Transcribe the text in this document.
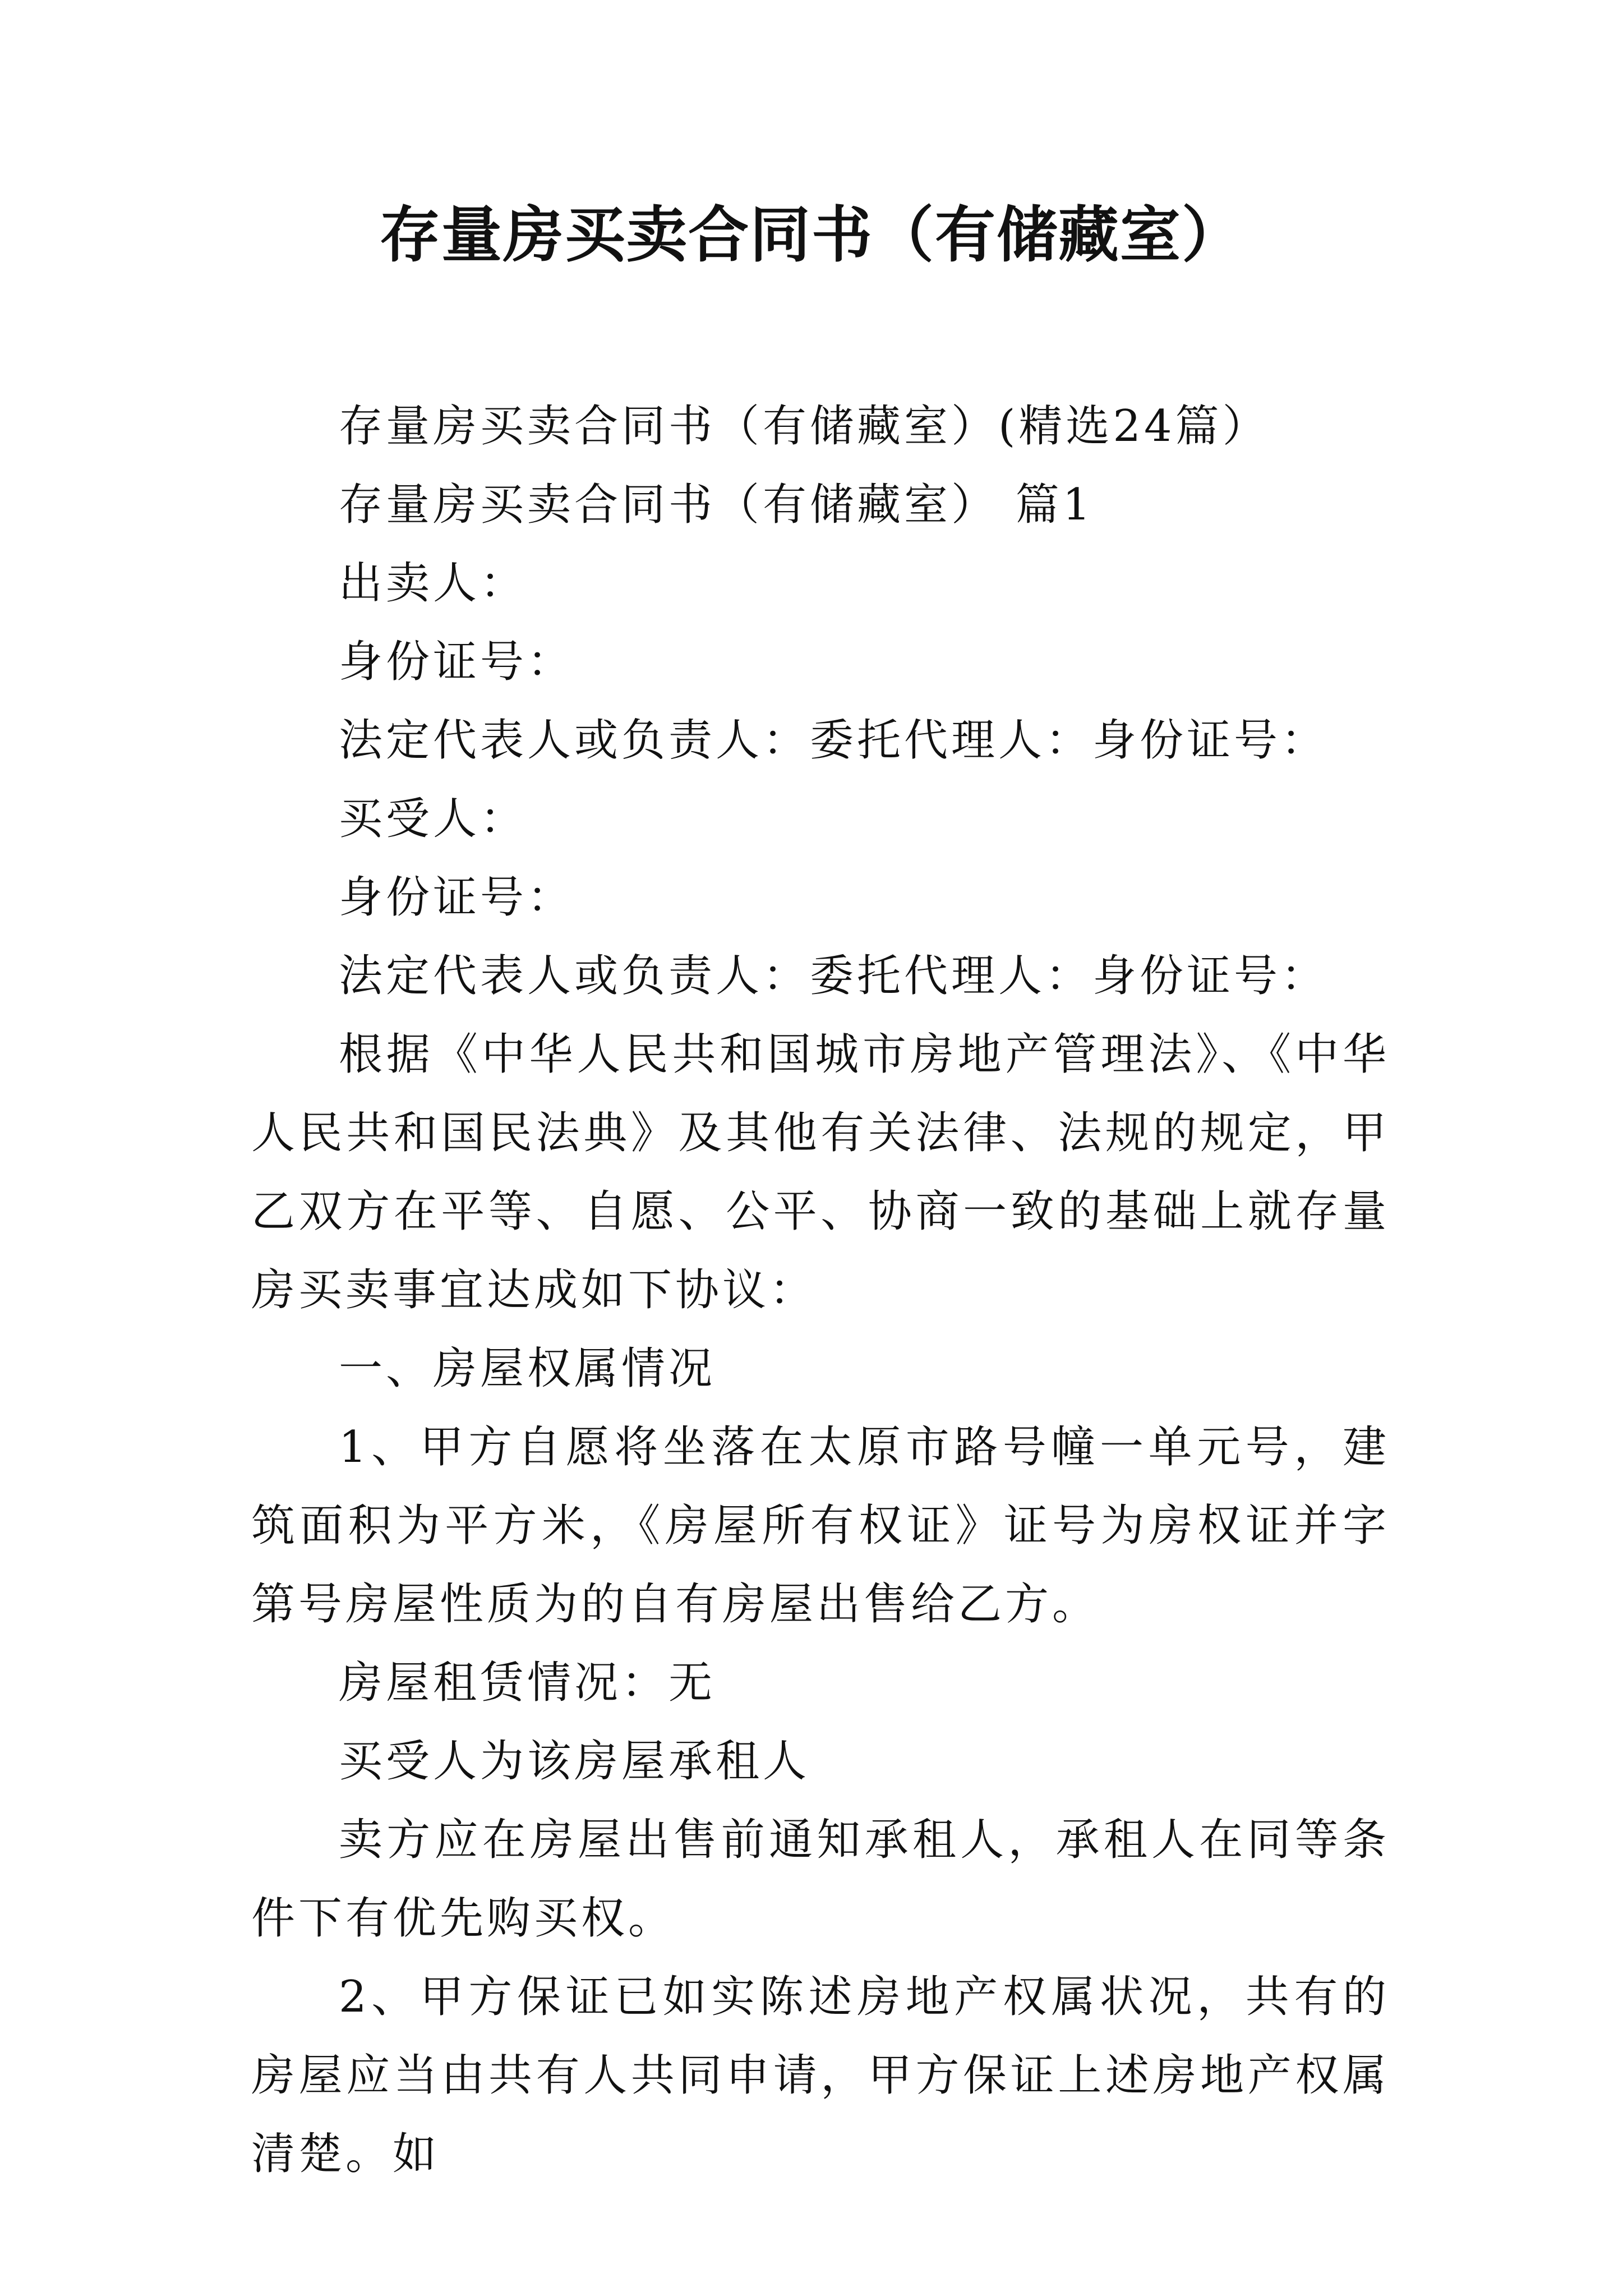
存量房买卖合同书（有储藏室）

存量房买卖合同书（有储藏室）(精选24篇）

存量房买卖合同书（有储藏室） 篇1

出卖人：

身份证号：

法定代表人或负责人：委托代理人：身份证号：

买受人：

身份证号：

法定代表人或负责人：委托代理人：身份证号：

根据《中华人民共和国城市房地产管理法》、《中华人民共和国民法典》及其他有关法律、法规的规定，甲乙双方在平等、自愿、公平、协商一致的基础上就存量房买卖事宜达成如下协议：

一、房屋权属情况

1、甲方自愿将坐落在太原市路号幢一单元号，建筑面积为平方米，《房屋所有权证》证号为房权证并字第号房屋性质为的自有房屋出售给乙方。

房屋租赁情况：无

买受人为该房屋承租人

卖方应在房屋出售前通知承租人，承租人在同等条件下有优先购买权。

2、甲方保证已如实陈述房地产权属状况，共有的房屋应当由共有人共同申请，甲方保证上述房地产权属清楚。如
